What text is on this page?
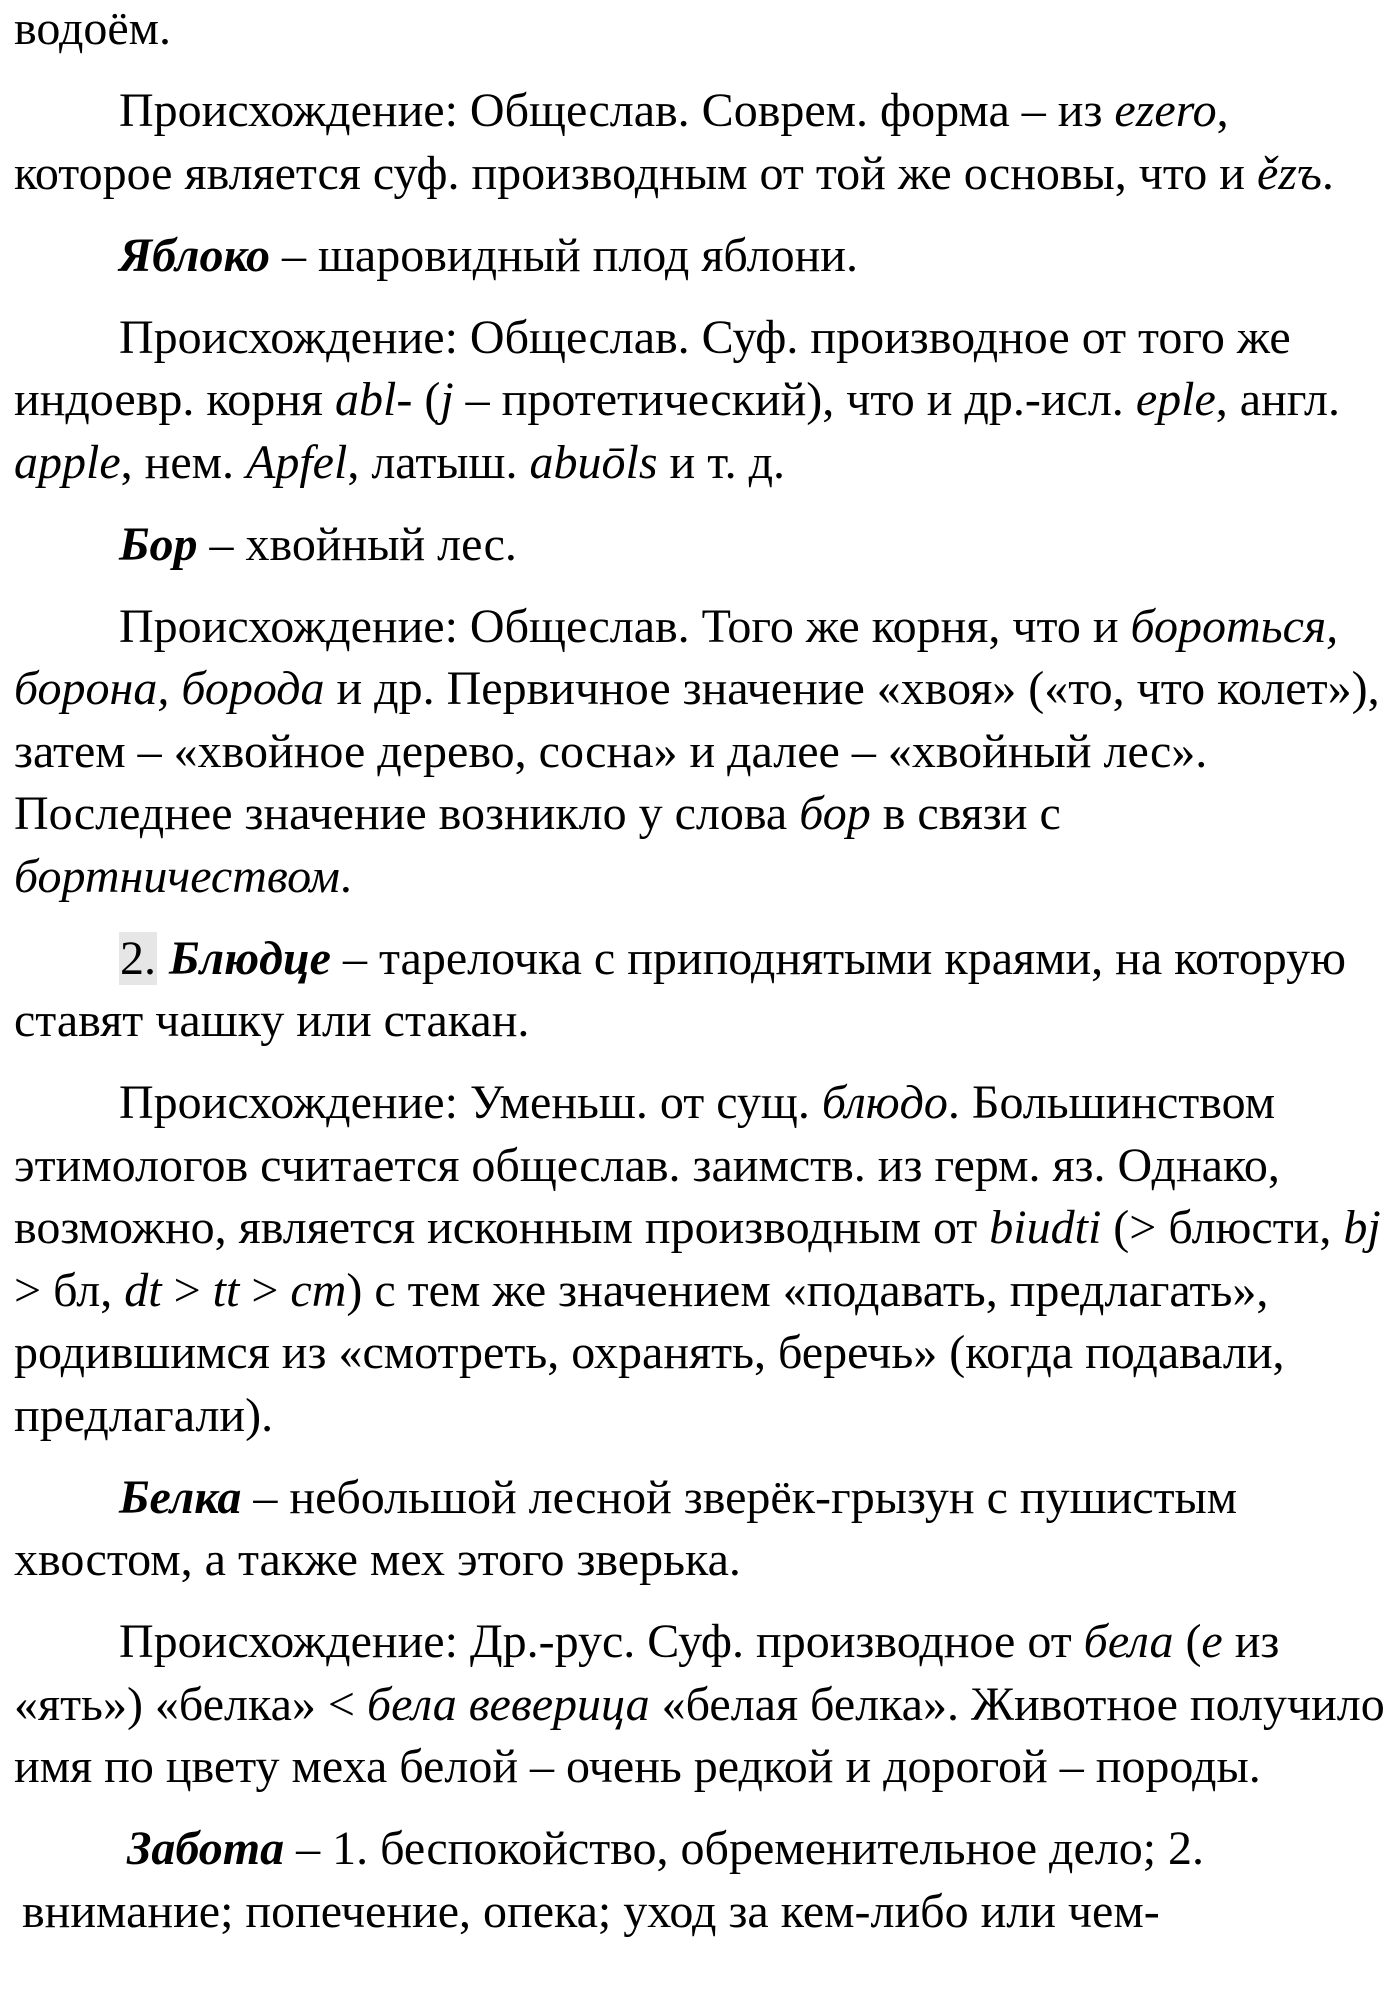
водоём.

Происхождение: Общеслав. Соврем. форма – из ezero, которое является суф. производным от той же основы, что и ězъ.

Яблоко – шаровидный плод яблони.

Происхождение: Общеслав. Суф. производное от того же индоевр. корня abl- (j – протетический), что и др.-исл. eple, англ. apple, нем. Apfel, латыш. abuōls и т. д.

Бор – хвойный лес.

Происхождение: Общеслав. Того же корня, что и бороться, борона, борода и др. Первичное значение «хвоя» («то, что колет»), затем – «хвойное дерево, сосна» и далее – «хвойный лес». Последнее значение возникло у слова бор в связи с бортничеством.

2. Блюдце – тарелочка с приподнятыми краями, на которую ставят чашку или стакан.

Происхождение: Уменьш. от сущ. блюдо. Большинством этимологов считается общеслав. заимств. из герм. яз. Однако, возможно, является исконным производным от biudti (> блюсти, bj > бл, dt > tt > ст) с тем же значением «подавать, предлагать», родившимся из «смотреть, охранять, беречь» (когда подавали, предлагали).

Белка – небольшой лесной зверёк-грызун с пушистым хвостом, а также мех этого зверька.

Происхождение: Др.-рус. Суф. производное от бела (е из «ять») «белка» < бела веверица «белая белка». Животное получило имя по цвету меха белой – очень редкой и дорогой – породы.

Забота – 1. беспокойство, обременительное дело; 2. внимание; попечение, опека; уход за кем-либо или чем-
